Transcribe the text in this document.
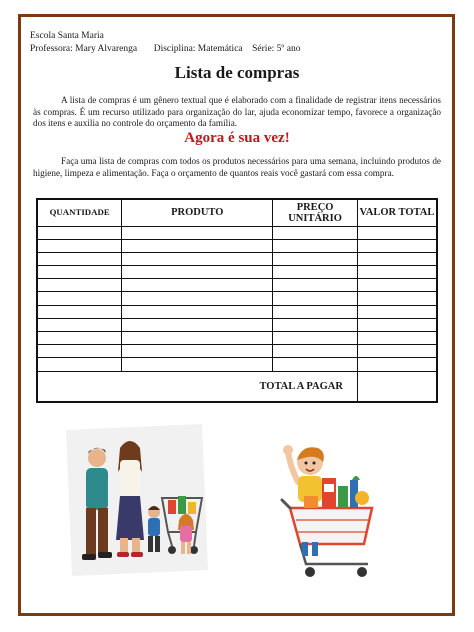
Escola Santa Maria
Professora: Mary Alvarenga Disciplina: Matemática Série: 5º ano
Lista de compras
A lista de compras é um gênero textual que é elaborado com a finalidade de registrar itens necessários às compras. É um recurso utilizado para organização do lar, ajuda economizar tempo, favorece a organização dos itens e auxilia no controle do orçamento da família.
Agora é sua vez!
Faça uma lista de compras com todos os produtos necessários para uma semana, incluindo produtos de higiene, limpeza e alimentação. Faça o orçamento de quantos reais você gastará com essa compra.
QUANTIDADE	PRODUTO	PREÇO UNITÁRIO	VALOR TOTAL

TOTAL A PAGAR			
